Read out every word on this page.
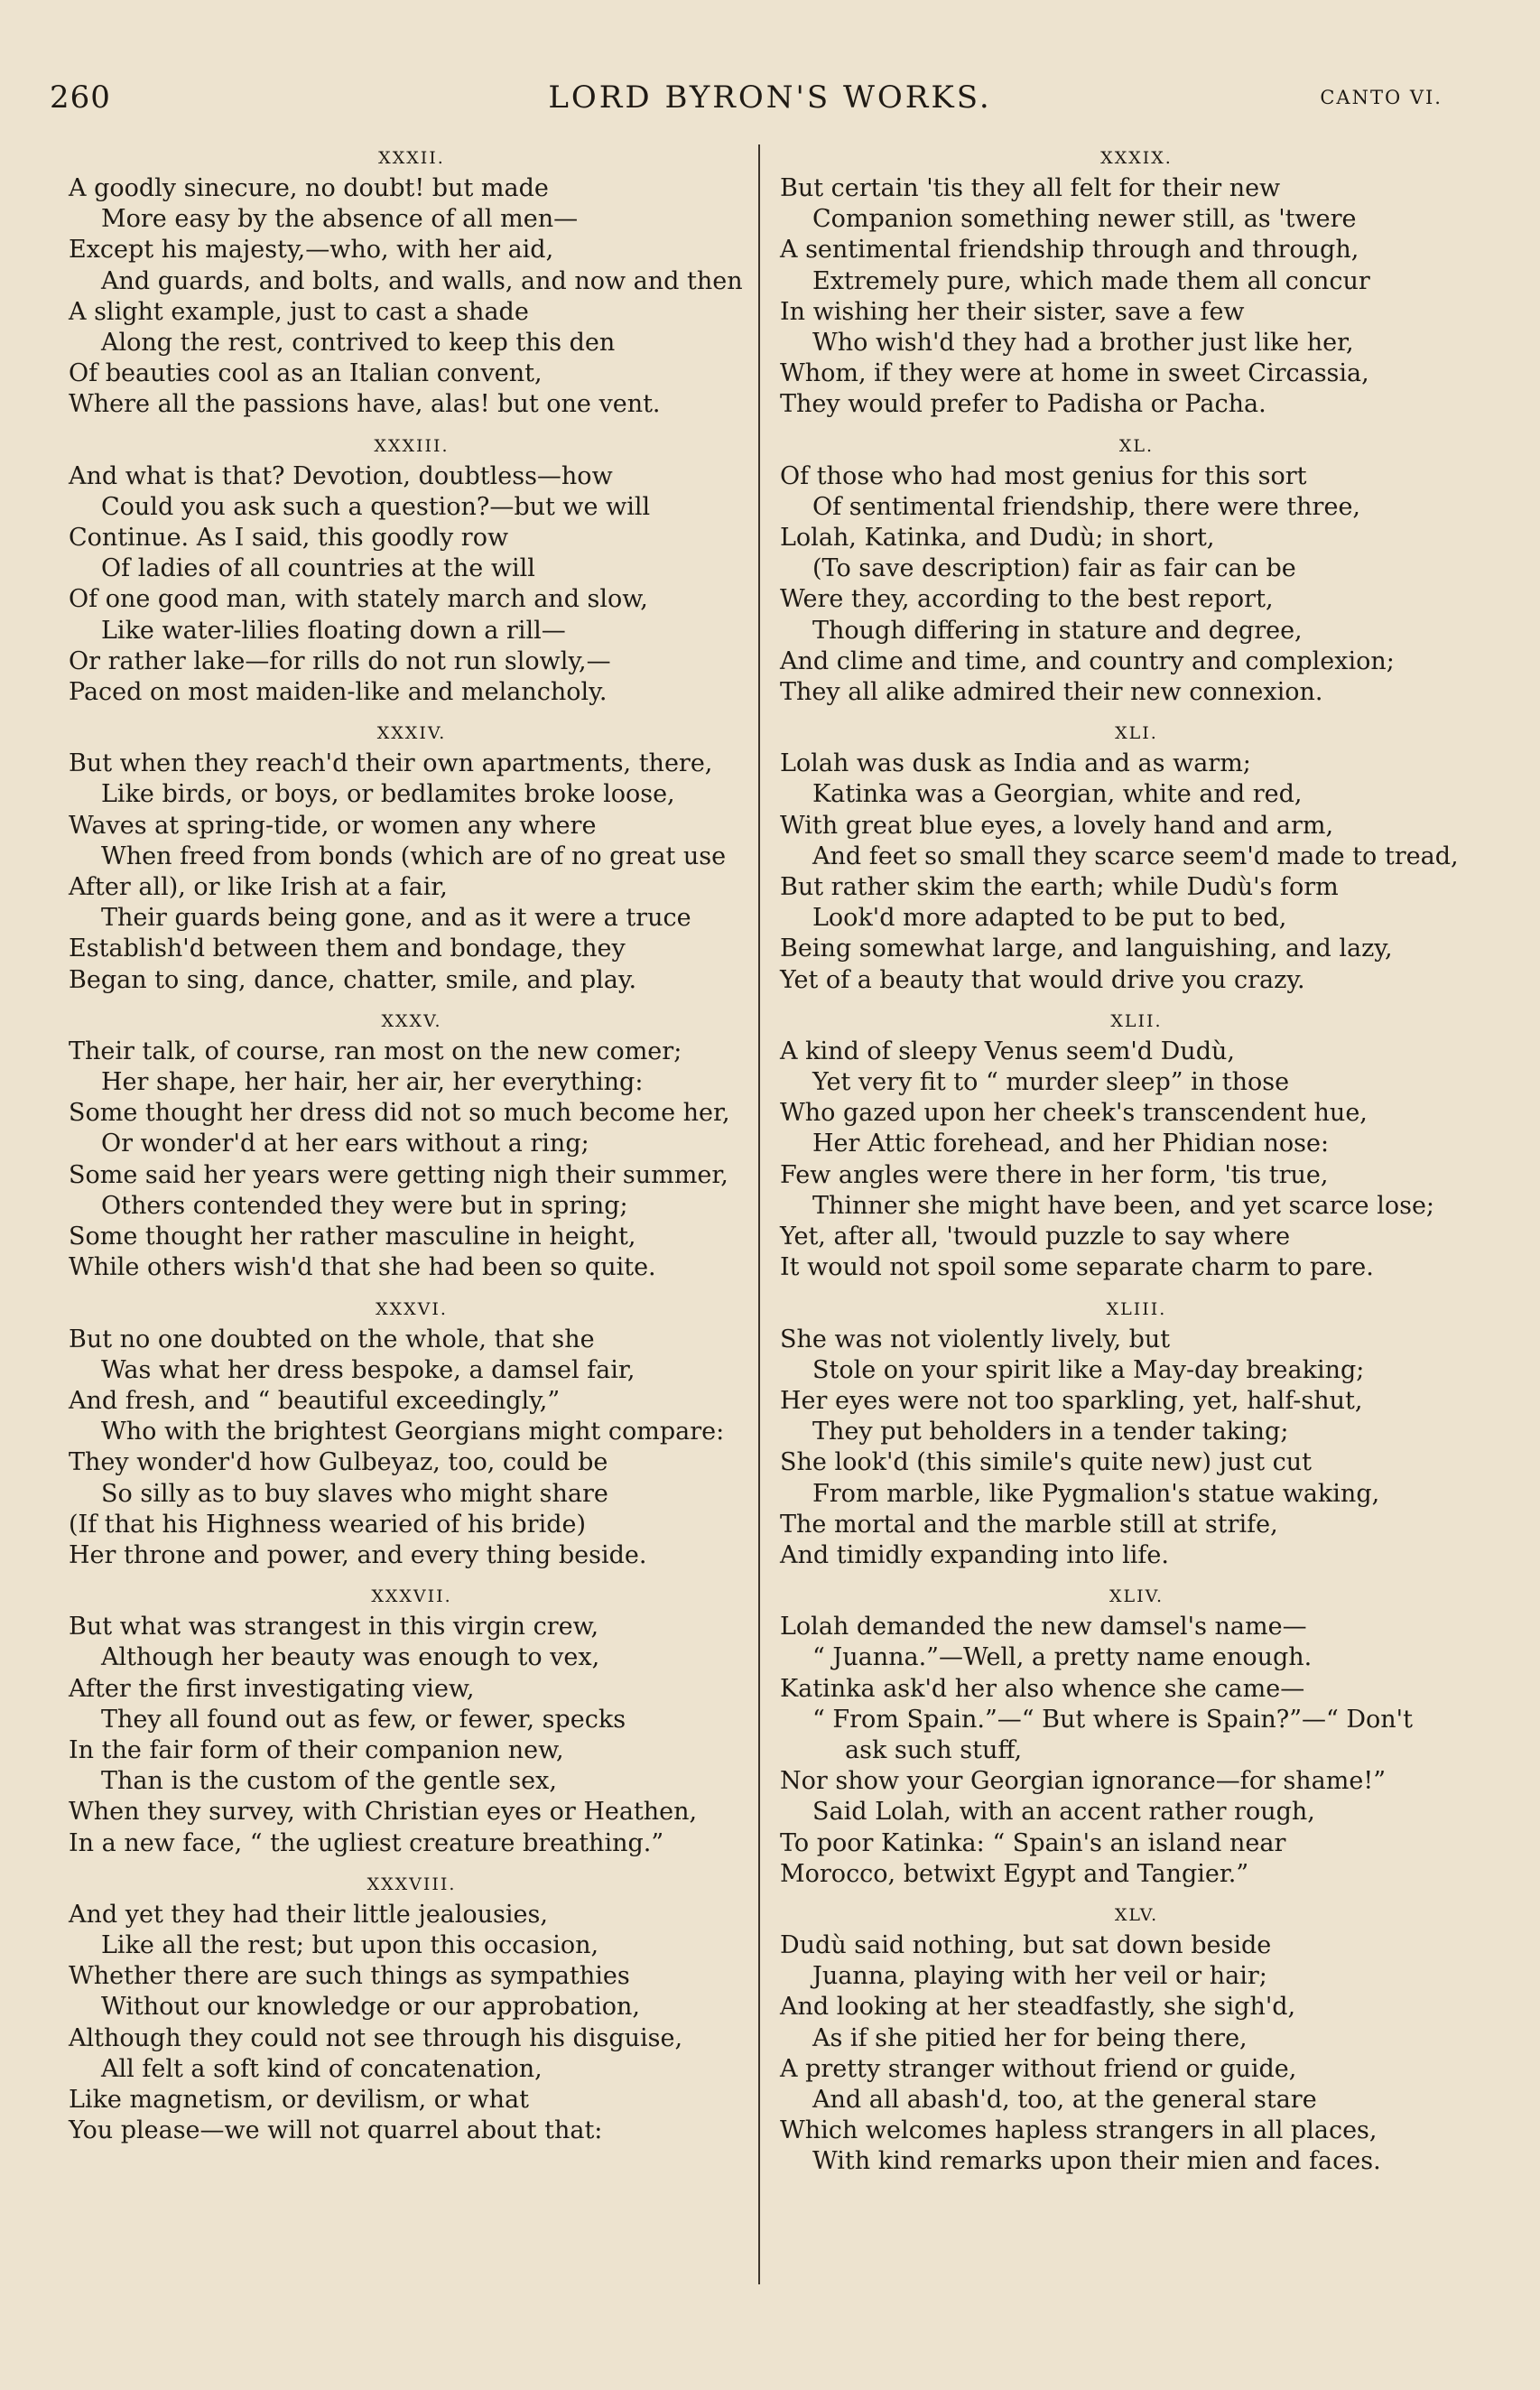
260	LORD BYRON'S WORKS.	CANTO VI.
XXXII.
A goodly sinecure, no doubt! but made
More easy by the absence of all men—
Except his majesty,—who, with her aid,
And guards, and bolts, and walls, and now and then
A slight example, just to cast a shade
Along the rest, contrived to keep this den
Of beauties cool as an Italian convent,
Where all the passions have, alas! but one vent.
XXXIII.
And what is that? Devotion, doubtless—how
Could you ask such a question?—but we will
Continue. As I said, this goodly row
Of ladies of all countries at the will
Of one good man, with stately march and slow,
Like water-lilies floating down a rill—
Or rather lake—for rills do not run slowly,—
Paced on most maiden-like and melancholy.
XXXIV.
But when they reach'd their own apartments, there,
Like birds, or boys, or bedlamites broke loose,
Waves at spring-tide, or women any where
When freed from bonds (which are of no great use
After all), or like Irish at a fair,
Their guards being gone, and as it were a truce
Establish'd between them and bondage, they
Began to sing, dance, chatter, smile, and play.
XXXV.
Their talk, of course, ran most on the new comer;
Her shape, her hair, her air, her everything:
Some thought her dress did not so much become her,
Or wonder'd at her ears without a ring;
Some said her years were getting nigh their summer,
Others contended they were but in spring;
Some thought her rather masculine in height,
While others wish'd that she had been so quite.
XXXVI.
But no one doubted on the whole, that she
Was what her dress bespoke, a damsel fair,
And fresh, and “ beautiful exceedingly,”
Who with the brightest Georgians might compare:
They wonder'd how Gulbeyaz, too, could be
So silly as to buy slaves who might share
(If that his Highness wearied of his bride)
Her throne and power, and every thing beside.
XXXVII.
But what was strangest in this virgin crew,
Although her beauty was enough to vex,
After the first investigating view,
They all found out as few, or fewer, specks
In the fair form of their companion new,
Than is the custom of the gentle sex,
When they survey, with Christian eyes or Heathen,
In a new face, “ the ugliest creature breathing.”
XXXVIII.
And yet they had their little jealousies,
Like all the rest; but upon this occasion,
Whether there are such things as sympathies
Without our knowledge or our approbation,
Although they could not see through his disguise,
All felt a soft kind of concatenation,
Like magnetism, or devilism, or what
You please—we will not quarrel about that:
XXXIX.
But certain 'tis they all felt for their new
Companion something newer still, as 'twere
A sentimental friendship through and through,
Extremely pure, which made them all concur
In wishing her their sister, save a few
Who wish'd they had a brother just like her,
Whom, if they were at home in sweet Circassia,
They would prefer to Padisha or Pacha.
XL.
Of those who had most genius for this sort
Of sentimental friendship, there were three,
Lolah, Katinka, and Dudù; in short,
(To save description) fair as fair can be
Were they, according to the best report,
Though differing in stature and degree,
And clime and time, and country and complexion;
They all alike admired their new connexion.
XLI.
Lolah was dusk as India and as warm;
Katinka was a Georgian, white and red,
With great blue eyes, a lovely hand and arm,
And feet so small they scarce seem'd made to tread,
But rather skim the earth; while Dudù's form
Look'd more adapted to be put to bed,
Being somewhat large, and languishing, and lazy,
Yet of a beauty that would drive you crazy.
XLII.
A kind of sleepy Venus seem'd Dudù,
Yet very fit to “ murder sleep” in those
Who gazed upon her cheek's transcendent hue,
Her Attic forehead, and her Phidian nose:
Few angles were there in her form, 'tis true,
Thinner she might have been, and yet scarce lose;
Yet, after all, 'twould puzzle to say where
It would not spoil some separate charm to pare.
XLIII.
She was not violently lively, but
Stole on your spirit like a May-day breaking;
Her eyes were not too sparkling, yet, half-shut,
They put beholders in a tender taking;
She look'd (this simile's quite new) just cut
From marble, like Pygmalion's statue waking,
The mortal and the marble still at strife,
And timidly expanding into life.
XLIV.
Lolah demanded the new damsel's name—
“ Juanna.”—Well, a pretty name enough.
Katinka ask'd her also whence she came—
“ From Spain.”—“ But where is Spain?”—“ Don't
ask such stuff,
Nor show your Georgian ignorance—for shame!”
Said Lolah, with an accent rather rough,
To poor Katinka: “ Spain's an island near
Morocco, betwixt Egypt and Tangier.”
XLV.
Dudù said nothing, but sat down beside
Juanna, playing with her veil or hair;
And looking at her steadfastly, she sigh'd,
As if she pitied her for being there,
A pretty stranger without friend or guide,
And all abash'd, too, at the general stare
Which welcomes hapless strangers in all places,
With kind remarks upon their mien and faces.
